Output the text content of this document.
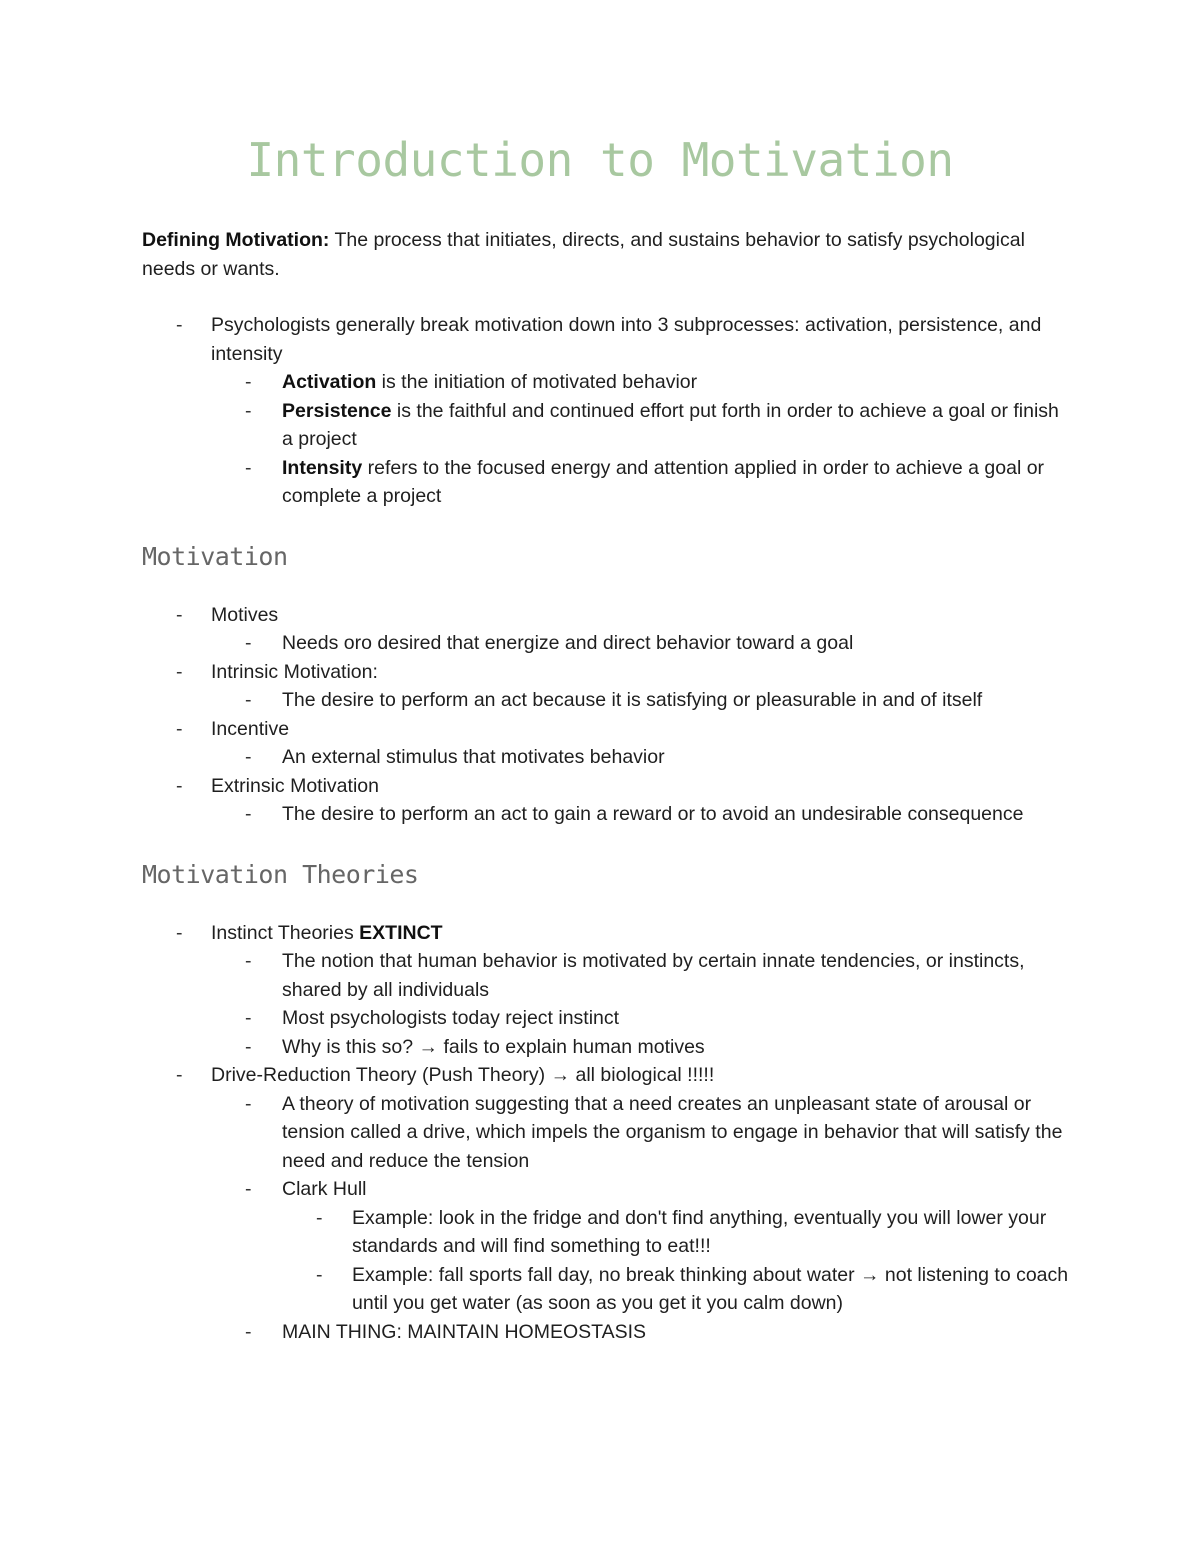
Introduction to Motivation

Defining Motivation: The process that initiates, directs, and sustains behavior to satisfy psychological needs or wants.

-	Psychologists generally break motivation down into 3 subprocesses: activation, persistence, and intensity
-	Activation is the initiation of motivated behavior
-	Persistence is the faithful and continued effort put forth in order to achieve a goal or finish a project
-	Intensity refers to the focused energy and attention applied in order to achieve a goal or complete a project
Motivation
-	Motives
-	Needs oro desired that energize and direct behavior toward a goal
-	Intrinsic Motivation:
-	The desire to perform an act because it is satisfying or pleasurable in and of itself
-	Incentive
-	An external stimulus that motivates behavior
-	Extrinsic Motivation
-	The desire to perform an act to gain a reward or to avoid an undesirable consequence
Motivation Theories
-	Instinct Theories EXTINCT
-	The notion that human behavior is motivated by certain innate tendencies, or instincts, shared by all individuals
-	Most psychologists today reject instinct
-	Why is this so? → fails to explain human motives
-	Drive-Reduction Theory (Push Theory) → all biological !!!!!
-	A theory of motivation suggesting that a need creates an unpleasant state of arousal or tension called a drive, which impels the organism to engage in behavior that will satisfy the need and reduce the tension
-	Clark Hull
-	Example: look in the fridge and don't find anything, eventually you will lower your standards and will find something to eat!!!
-	Example: fall sports fall day, no break thinking about water → not listening to coach until you get water (as soon as you get it you calm down)
-	MAIN THING: MAINTAIN HOMEOSTASIS
